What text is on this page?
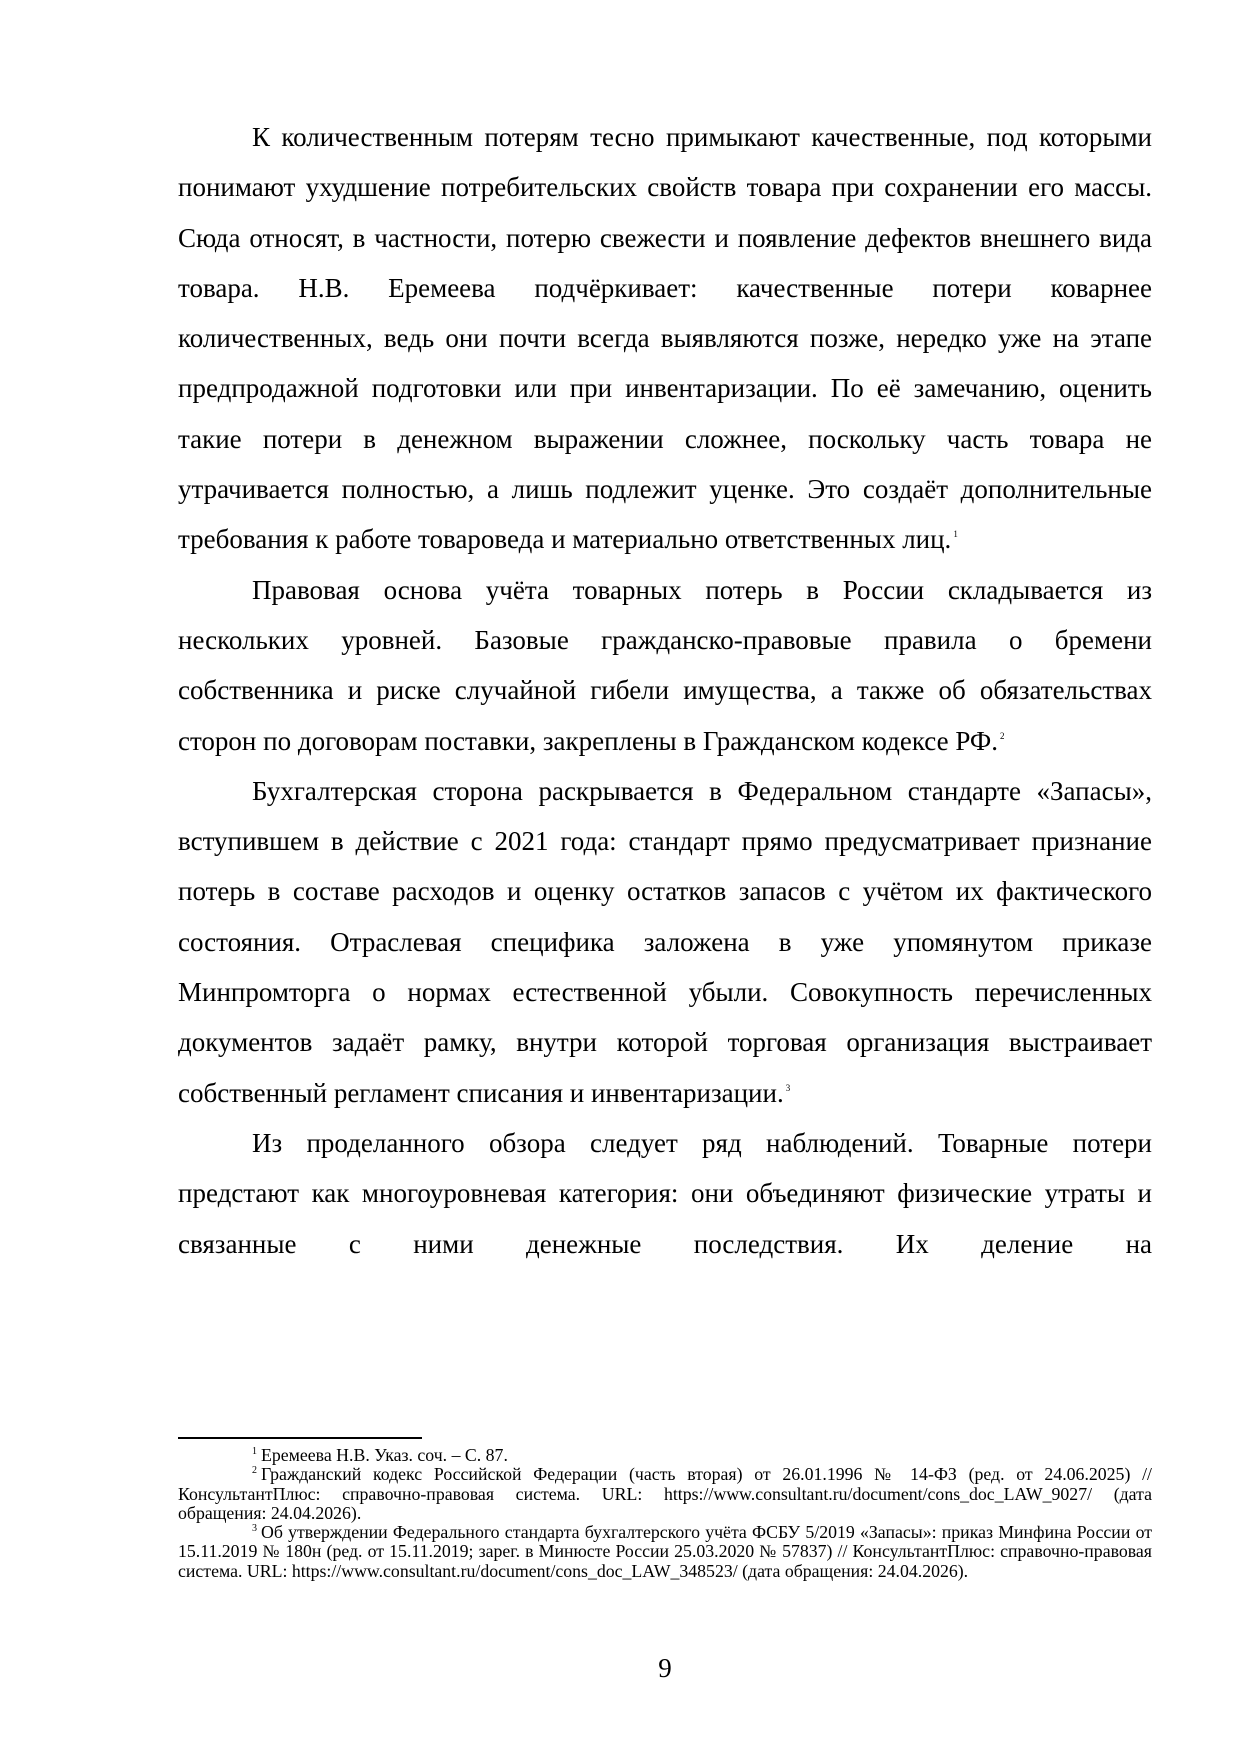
К количественным потерям тесно примыкают качественные, под которыми понимают ухудшение потребительских свойств товара при сохранении его массы. Сюда относят, в частности, потерю свежести и появление дефектов внешнего вида товара. Н.В. Еремеева подчёркивает: качественные потери коварнее количественных, ведь они почти всегда выявляются позже, нередко уже на этапе предпродажной подготовки или при инвентаризации. По её замечанию, оценить такие потери в денежном выражении сложнее, поскольку часть товара не утрачивается полностью, а лишь подлежит уценке. Это создаёт дополнительные требования к работе товароведа и материально ответственных лиц. $^1$

Правовая основа учёта товарных потерь в России складывается из нескольких уровней. Базовые гражданско-правовые правила о бремени собственника и риске случайной гибели имущества, а также об обязательствах сторон по договорам поставки, закреплены в Гражданском кодексе РФ. $^2$

Бухгалтерская сторона раскрывается в Федеральном стандарте «Запасы», вступившем в действие с 2021 года: стандарт прямо предусматривает признание потерь в составе расходов и оценку остатков запасов с учётом их фактического состояния. Отраслевая специфика заложена в уже упомянутом приказе Минпромторга о нормах естественной убыли. Совокупность перечисленных документов задаёт рамку, внутри которой торговая организация выстраивает собственный регламент списания и инвентаризации. $^3$

Из проделанного обзора следует ряд наблюдений. Товарные потери предстают как многоуровневая категория: они объединяют физические утраты и связанные с ними денежные последствия. Их деление на

$^1$ Еремеева Н.В. Указ. соч. – С. 87.

$^2$ Гражданский кодекс Российской Федерации (часть вторая) от 26.01.1996 № 14-ФЗ (ред. от 24.06.2025) // КонсультантПлюс: справочно-правовая система. URL: https://www.consultant.ru/document/cons_doc_LAW_9027/ (дата обращения: 24.04.2026).

$^3$ Об утверждении Федерального стандарта бухгалтерского учёта ФСБУ 5/2019 «Запасы»: приказ Минфина России от 15.11.2019 № 180н (ред. от 15.11.2019; зарег. в Минюсте России 25.03.2020 № 57837) // КонсультантПлюс: справочно-правовая система. URL: https://www.consultant.ru/document/cons_doc_LAW_348523/ (дата обращения: 24.04.2026).

9
